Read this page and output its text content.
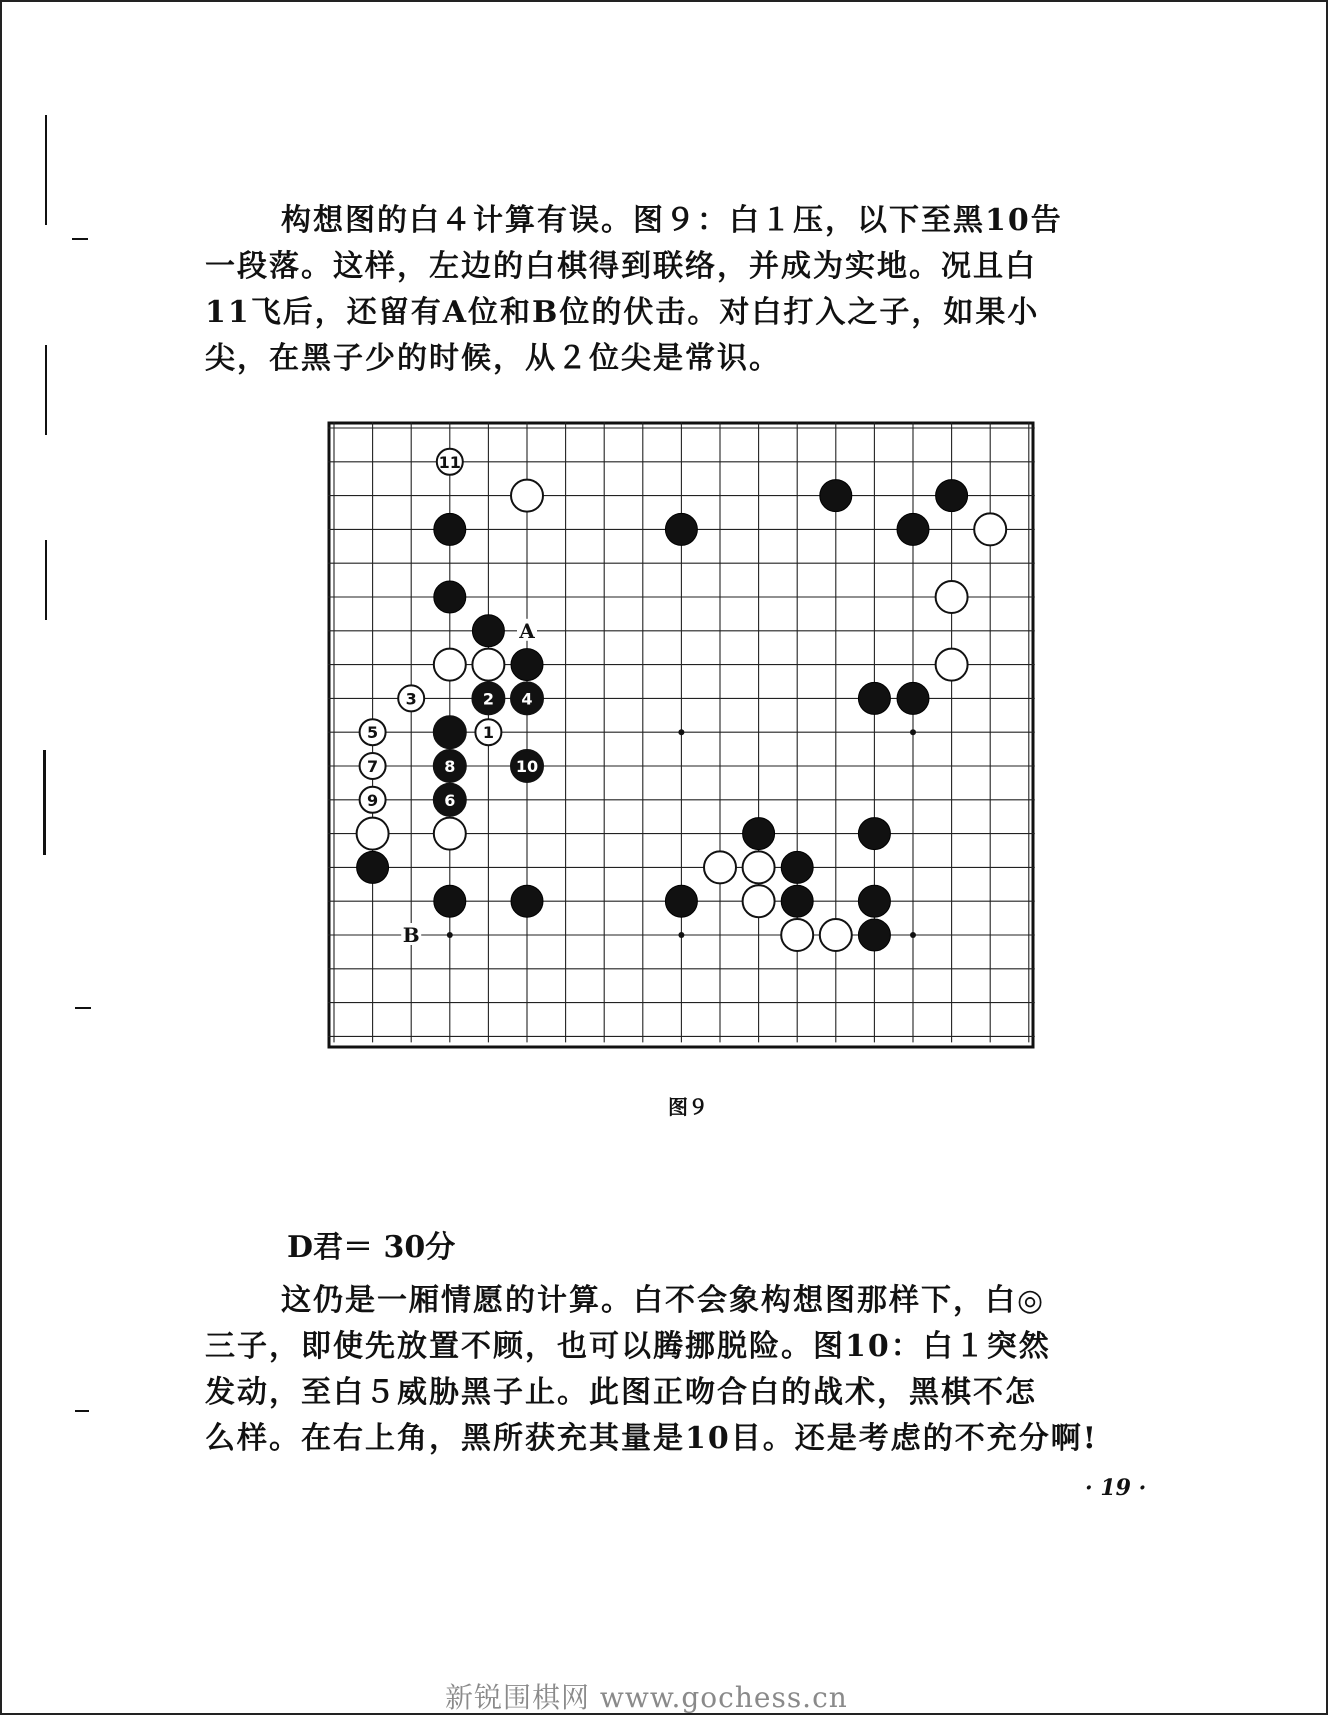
构想图的白４计算有误。图９：白１压，以下至黑10告
一段落。这样，左边的白棋得到联络，并成为实地。况且白
11飞后，还留有A位和B位的伏击。对白打入之子，如果小
尖，在黑子少的时候，从２位尖是常识。
11
3
5
7
9
1
2 4
6
8	10
A
B
图９
D君＝ 30分
这仍是一厢情愿的计算。白不会象构想图那样下，白◎
三子，即使先放置不顾，也可以腾挪脱险。图10：白１突然
发动，至白５威胁黑子止。此图正吻合白的战术，黑棋不怎
么样。在右上角，黑所获充其量是10目。还是考虑的不充分啊!
· 19 ·
新锐围棋网 www.gochess.cn
